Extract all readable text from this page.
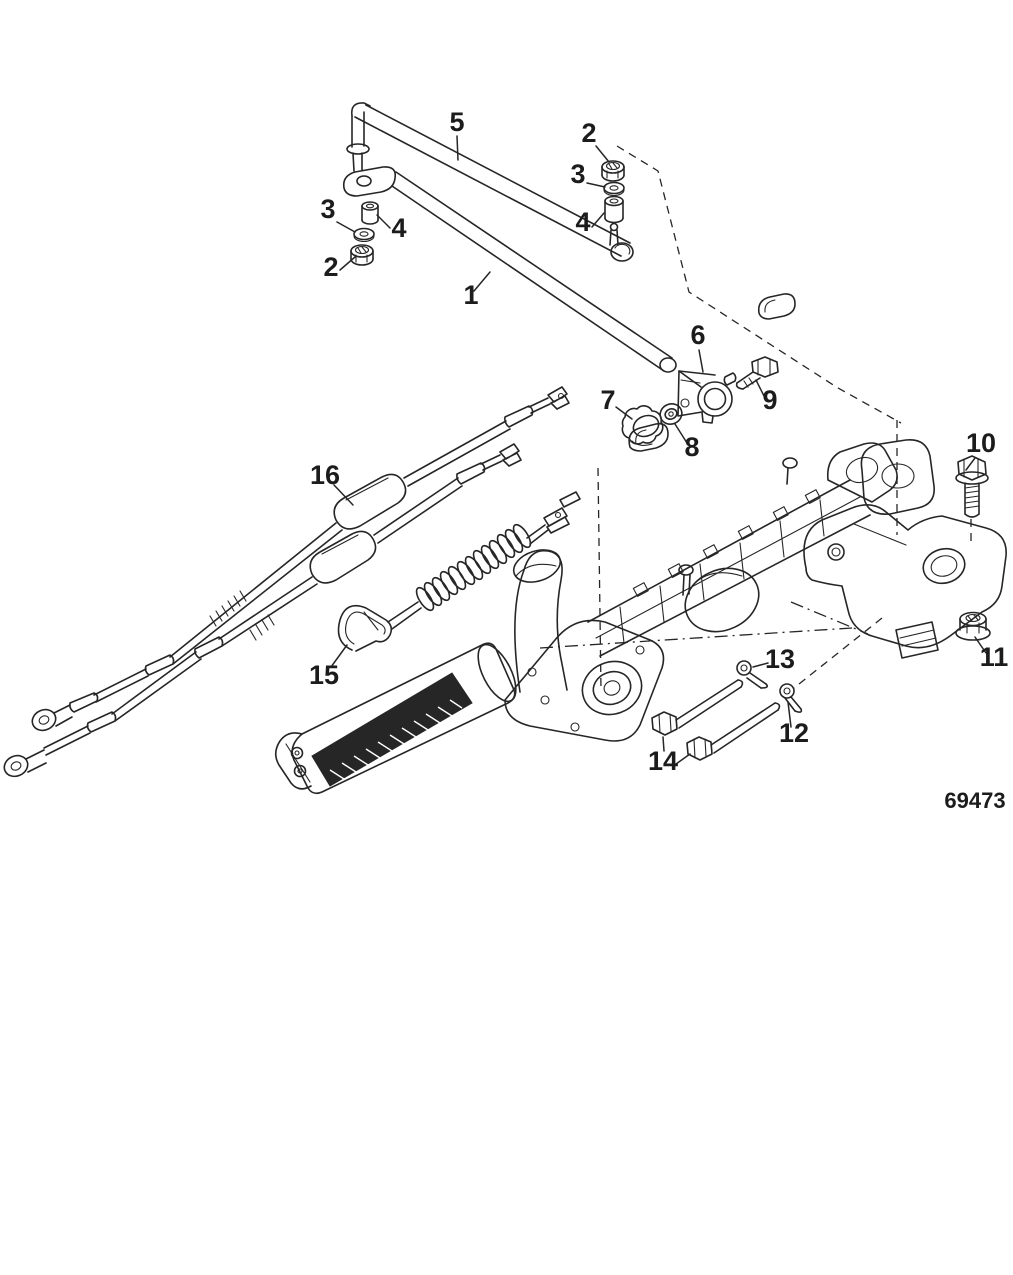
5	2
3
4
3
4
2
1
6
9
7
8
16
10
15
11
13
12
14
69473
